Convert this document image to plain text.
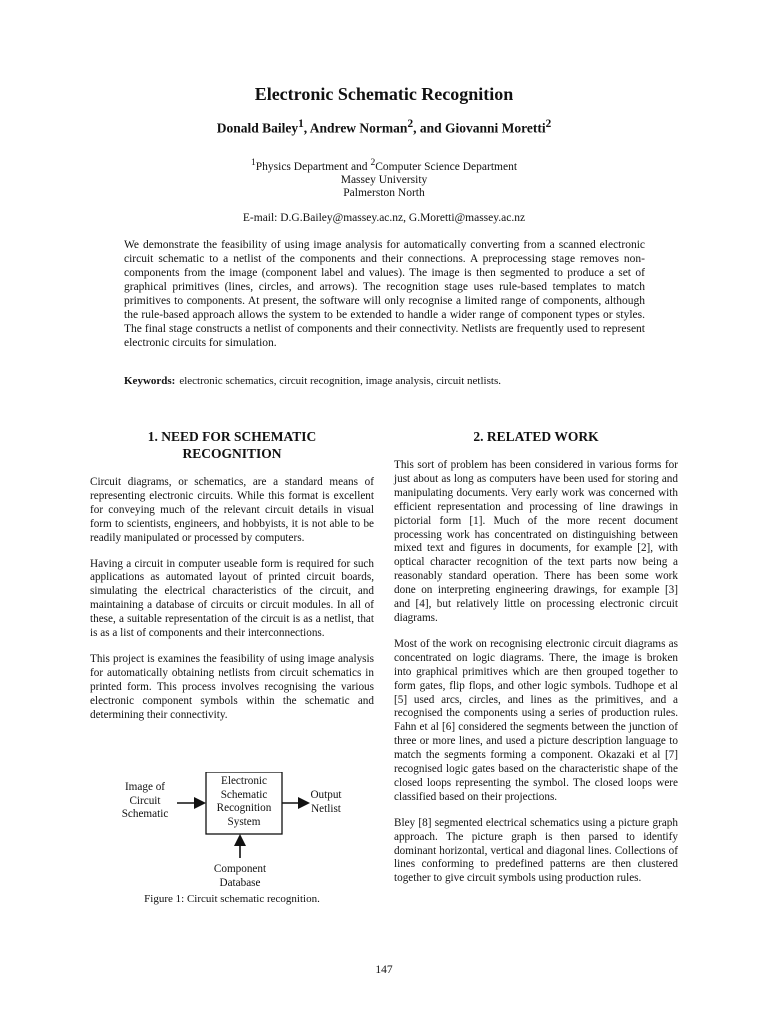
Electronic Schematic Recognition
Donald Bailey$^1$, Andrew Norman$^2$, and Giovanni Moretti$^2$
$^1$Physics Department and $^2$Computer Science Department
Massey University
Palmerston North
E-mail: D.G.Bailey@massey.ac.nz, G.Moretti@massey.ac.nz

We demonstrate the feasibility of using image analysis for automatically converting from a scanned electronic circuit schematic to a netlist of the components and their connections. A preprocessing stage removes non-components from the image (component label and values). The image is then segmented to produce a set of graphical primitives (lines, circles, and arrows). The recognition stage uses rule-based templates to match primitives to components. At present, the software will only recognise a limited range of components, although the rule-based approach allows the system to be extended to handle a wider range of component types or styles. The final stage constructs a netlist of components and their connectivity. Netlists are frequently used to represent electronic circuits for simulation.

Keywords: electronic schematics, circuit recognition, image analysis, circuit netlists.

1. NEED FOR SCHEMATIC
RECOGNITION

Circuit diagrams, or schematics, are a standard means of representing electronic circuits. While this format is excellent for conveying much of the relevant circuit details in visual form to scientists, engineers, and hobbyists, it is not able to be readily manipulated or processed by computers.

Having a circuit in computer useable form is required for such applications as automated layout of printed circuit boards, simulating the electrical characteristics of the circuit, and maintaining a database of circuits or circuit modules. In all of these, a suitable representation of the circuit is as a netlist, that is as a list of components and their interconnections.

This project is examines the feasibility of using image analysis for automatically obtaining netlists from circuit schematics in printed form. This process involves recognising the various electronic component symbols within the schematic and determining their connectivity.

Image of
Circuit
Schematic
Electronic
Schematic
Recognition
System
Output
Netlist
Component
Database
Figure 1: Circuit schematic recognition.
2. RELATED WORK

This sort of problem has been considered in various forms for just about as long as computers have been used for storing and manipulating documents. Very early work was concerned with efficient representation and processing of line drawings in pictorial form [1]. Much of the more recent document processing work has concentrated on distinguishing between mixed text and figures in documents, for example [2], with optical character recognition of the text parts now being a reasonably standard operation. There has been some work done on interpreting engineering drawings, for example [3] and [4], but relatively little on processing electronic circuit diagrams.

Most of the work on recognising electronic circuit diagrams as concentrated on logic diagrams. There, the image is broken into graphical primitives which are then grouped together to form gates, flip flops, and other logic symbols. Tudhope et al [5] used arcs, circles, and lines as the primitives, and a recognised the components using a series of production rules. Fahn et al [6] considered the segments between the junction of three or more lines, and used a picture description language to match the segments forming a component. Okazaki et al [7] recognised logic gates based on the characteristic shape of the closed loops representing the symbol. The closed loops were classified based on their projections.

Bley [8] segmented electrical schematics using a picture graph approach. The picture graph is then parsed to identify dominant horizontal, vertical and diagonal lines. Collections of lines conforming to predefined patterns are then clustered together to give circuit symbols using production rules.

147
